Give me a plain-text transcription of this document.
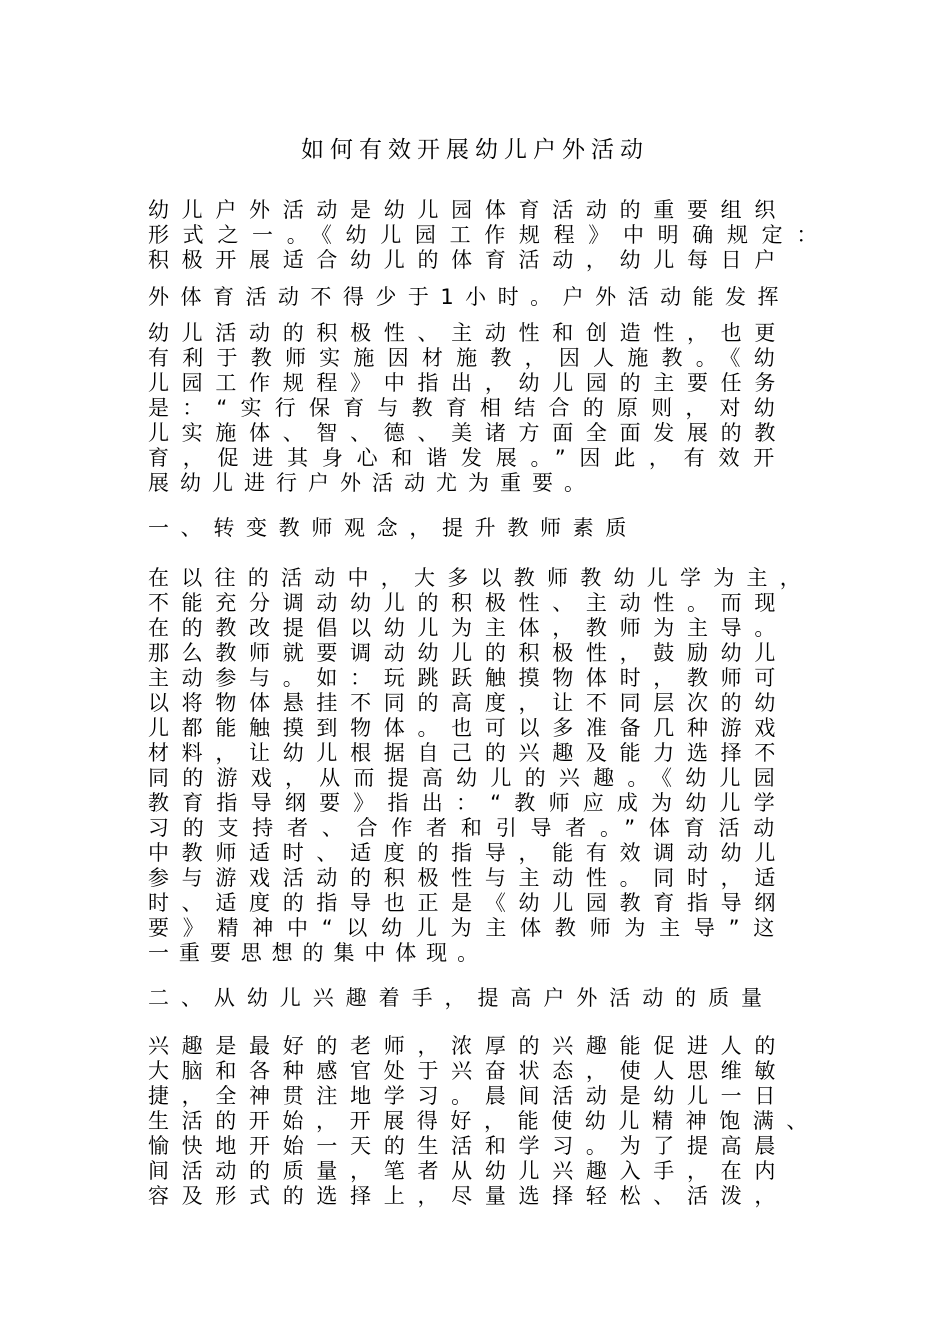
如何有效开展幼儿户外活动
幼儿户外活动是幼儿园体育活动的重要组织
形式之一。《幼儿园工作规程》中明确规定：
积极开展适合幼儿的体育活动，幼儿每日户
外体育活动不得少于1小时。户外活动能发挥
幼儿活动的积极性、主动性和创造性，也更
有利于教师实施因材施教，因人施教。《幼
儿园工作规程》中指出，幼儿园的主要任务
是：“实行保育与教育相结合的原则，对幼
儿实施体、智、德、美诸方面全面发展的教
育，促进其身心和谐发展。”因此，有效开
展幼儿进行户外活动尤为重要。
一、转变教师观念，提升教师素质
在以往的活动中，大多以教师教幼儿学为主，
不能充分调动幼儿的积极性、主动性。而现
在的教改提倡以幼儿为主体，教师为主导。
那么教师就要调动幼儿的积极性，鼓励幼儿
主动参与。如：玩跳跃触摸物体时，教师可
以将物体悬挂不同的高度，让不同层次的幼
儿都能触摸到物体。也可以多准备几种游戏
材料，让幼儿根据自己的兴趣及能力选择不
同的游戏，从而提高幼儿的兴趣。《幼儿园
教育指导纲要》指出：“教师应成为幼儿学
习的支持者、合作者和引导者。”体育活动
中教师适时、适度的指导，能有效调动幼儿
参与游戏活动的积极性与主动性。同时，适
时、适度的指导也正是《幼儿园教育指导纲
要》精神中“以幼儿为主体教师为主导”这
一重要思想的集中体现。
二、从幼儿兴趣着手，提高户外活动的质量
兴趣是最好的老师，浓厚的兴趣能促进人的
大脑和各种感官处于兴奋状态，使人思维敏
捷，全神贯注地学习。晨间活动是幼儿一日
生活的开始，开展得好，能使幼儿精神饱满、
愉快地开始一天的生活和学习。为了提高晨
间活动的质量，笔者从幼儿兴趣入手，在内
容及形式的选择上，尽量选择轻松、活泼，
